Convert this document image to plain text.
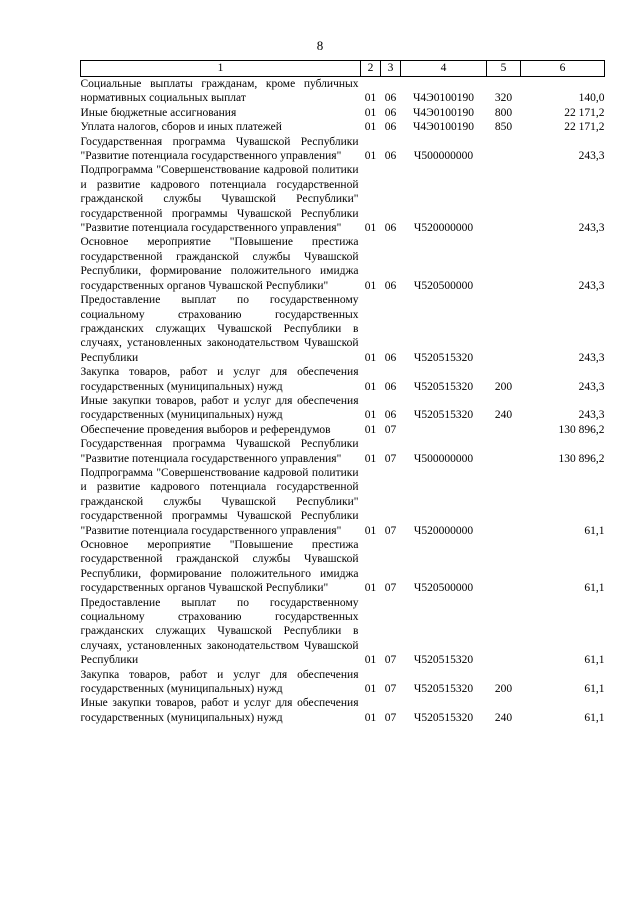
8
1	2	3	4	5	6
Социальные выплаты гражданам, кроме публичных нормативных социальных выплат	01	06	Ч4Э0100190	320	140,0
Иные бюджетные ассигнования	01	06	Ч4Э0100190	800	22 171,2
Уплата налогов, сборов и иных платежей	01	06	Ч4Э0100190	850	22 171,2
Государственная программа Чувашской Республики "Развитие потенциала государственного управления"	01	06	Ч500000000		243,3
Подпрограмма "Совершенствование кадровой политики и развитие кадрового потенциала государственной гражданской службы Чувашской Республики" государственной программы Чувашской Республики "Развитие потенциала государственного управления"	01	06	Ч520000000		243,3
Основное мероприятие "Повышение престижа государственной гражданской службы Чувашской Республики, формирование положительного имиджа государственных органов Чувашской Республики"	01	06	Ч520500000		243,3
Предоставление выплат по государственному социальному страхованию государственных гражданских служащих Чувашской Республики в случаях, установленных законодательством Чувашской Республики	01	06	Ч520515320		243,3
Закупка товаров, работ и услуг для обеспечения государственных (муниципальных) нужд	01	06	Ч520515320	200	243,3
Иные закупки товаров, работ и услуг для обеспечения государственных (муниципальных) нужд	01	06	Ч520515320	240	243,3
Обеспечение проведения выборов и референдумов	01	07			130 896,2
Государственная программа Чувашской Республики "Развитие потенциала государственного управления"	01	07	Ч500000000		130 896,2
Подпрограмма "Совершенствование кадровой политики и развитие кадрового потенциала государственной гражданской службы Чувашской Республики" государственной программы Чувашской Республики "Развитие потенциала государственного управления"	01	07	Ч520000000		61,1
Основное мероприятие "Повышение престижа государственной гражданской службы Чувашской Республики, формирование положительного имиджа государственных органов Чувашской Республики"	01	07	Ч520500000		61,1
Предоставление выплат по государственному социальному страхованию государственных гражданских служащих Чувашской Республики в случаях, установленных законодательством Чувашской Республики	01	07	Ч520515320		61,1
Закупка товаров, работ и услуг для обеспечения государственных (муниципальных) нужд	01	07	Ч520515320	200	61,1
Иные закупки товаров, работ и услуг для обеспечения государственных (муниципальных) нужд	01	07	Ч520515320	240	61,1
